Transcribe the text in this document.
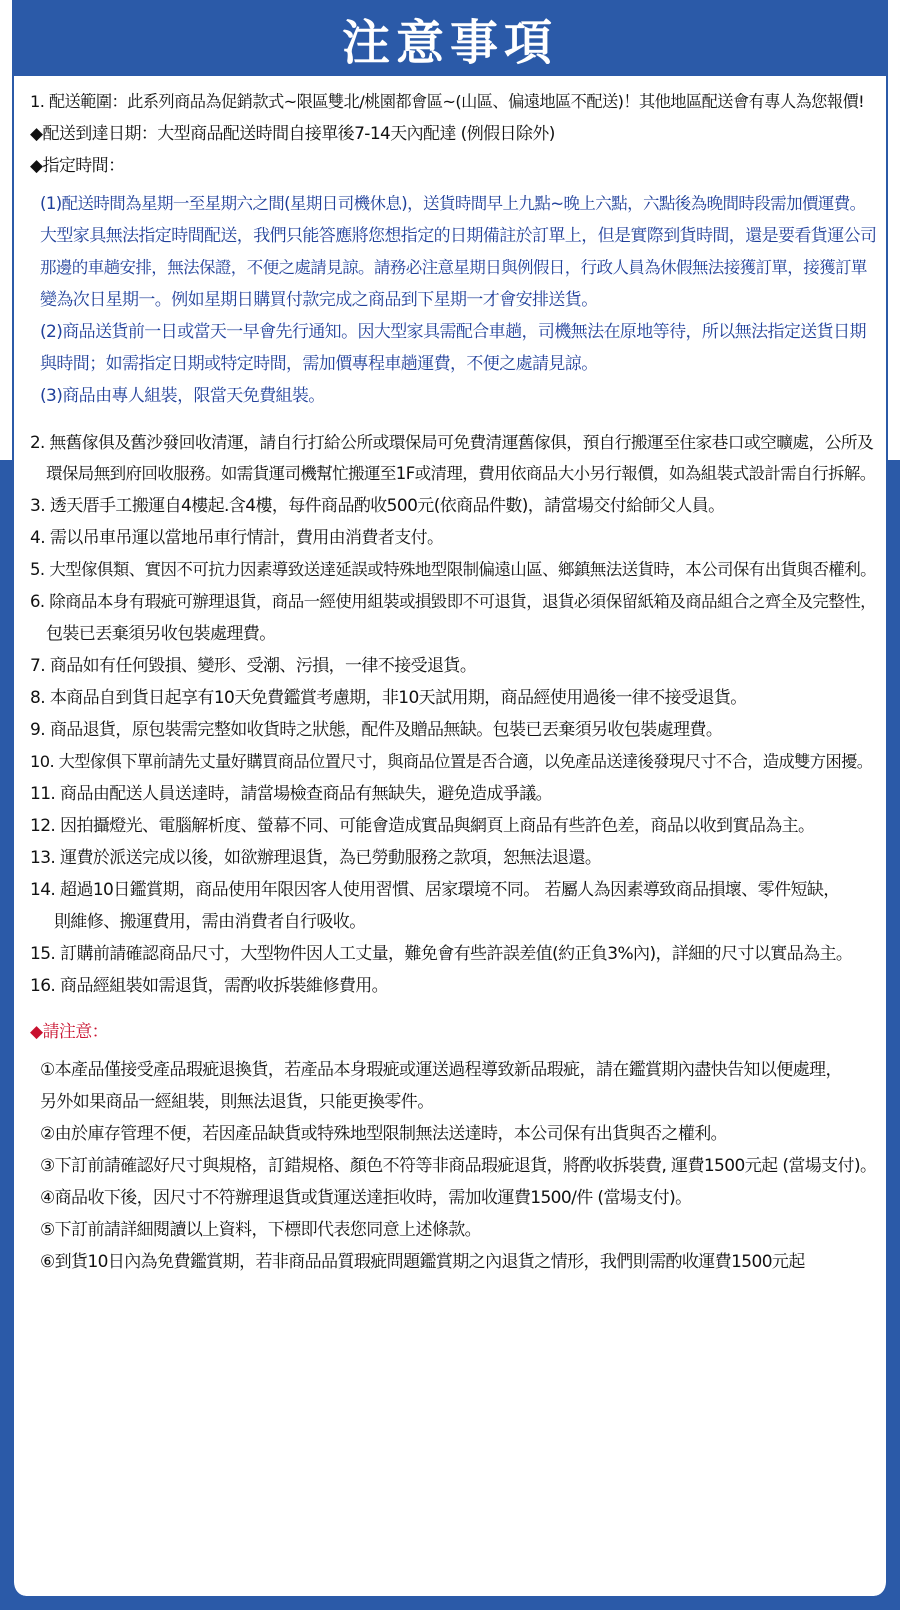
注意事項
1. 配送範圍：此系列商品為促銷款式~限區雙北/桃園都會區~(山區、偏遠地區不配送)！其他地區配送會有專人為您報價!
◆配送到達日期：大型商品配送時間自接單後7-14天內配達 (例假日除外)
◆指定時間：
(1)配送時間為星期一至星期六之間(星期日司機休息)，送貨時間早上九點~晚上六點，六點後為晚間時段需加價運費。
大型家具無法指定時間配送，我們只能答應將您想指定的日期備註於訂單上，但是實際到貨時間，還是要看貨運公司
那邊的車趟安排，無法保證，不便之處請見諒。請務必注意星期日與例假日，行政人員為休假無法接獲訂單，接獲訂單
變為次日星期一。例如星期日購買付款完成之商品到下星期一才會安排送貨。
(2)商品送貨前一日或當天一早會先行通知。因大型家具需配合車趟，司機無法在原地等待，所以無法指定送貨日期
與時間；如需指定日期或特定時間，需加價專程車趟運費，不便之處請見諒。
(3)商品由專人組裝，限當天免費組裝。
2. 無舊傢俱及舊沙發回收清運，請自行打給公所或環保局可免費清運舊傢俱，預自行搬運至住家巷口或空曠處，公所及
環保局無到府回收服務。如需貨運司機幫忙搬運至1F或清理，費用依商品大小另行報價，如為組裝式設計需自行拆解。
3. 透天厝手工搬運自4樓起.含4樓，每件商品酌收500元(依商品件數)，請當場交付給師父人員。
4. 需以吊車吊運以當地吊車行情計，費用由消費者支付。
5. 大型傢俱類、實因不可抗力因素導致送達延誤或特殊地型限制偏遠山區、鄉鎮無法送貨時，本公司保有出貨與否權利。
6. 除商品本身有瑕疵可辦理退貨，商品一經使用組裝或損毀即不可退貨，退貨必須保留紙箱及商品組合之齊全及完整性，
包裝已丟棄須另收包裝處理費。
7. 商品如有任何毀損、變形、受潮、污損，一律不接受退貨。
8. 本商品自到貨日起享有10天免費鑑賞考慮期，非10天試用期，商品經使用過後一律不接受退貨。
9. 商品退貨，原包裝需完整如收貨時之狀態，配件及贈品無缺。包裝已丟棄須另收包裝處理費。
10. 大型傢俱下單前請先丈量好購買商品位置尺寸，與商品位置是否合適，以免產品送達後發現尺寸不合，造成雙方困擾。
11. 商品由配送人員送達時，請當場檢查商品有無缺失，避免造成爭議。
12. 因拍攝燈光、電腦解析度、螢幕不同、可能會造成實品與網頁上商品有些許色差，商品以收到實品為主。
13. 運費於派送完成以後，如欲辦理退貨，為已勞動服務之款項，恕無法退還。
14. 超過10日鑑賞期，商品使用年限因客人使用習慣、居家環境不同。 若屬人為因素導致商品損壞、零件短缺，
則維修、搬運費用，需由消費者自行吸收。
15. 訂購前請確認商品尺寸，大型物件因人工丈量，難免會有些許誤差值(約正負3%內)，詳細的尺寸以實品為主。
16. 商品經組裝如需退貨，需酌收拆裝維修費用。
◆請注意：
①本產品僅接受產品瑕疵退換貨，若產品本身瑕疵或運送過程導致新品瑕疵，請在鑑賞期內盡快告知以便處理，
另外如果商品一經組裝，則無法退貨，只能更換零件。
②由於庫存管理不便，若因產品缺貨或特殊地型限制無法送達時，本公司保有出貨與否之權利。
③下訂前請確認好尺寸與規格，訂錯規格、顏色不符等非商品瑕疵退貨，將酌收拆裝費, 運費1500元起 (當場支付)。
④商品收下後，因尺寸不符辦理退貨或貨運送達拒收時，需加收運費1500/件 (當場支付)。
⑤下訂前請詳細閱讀以上資料，下標即代表您同意上述條款。
⑥到貨10日內為免費鑑賞期，若非商品品質瑕疵問題鑑賞期之內退貨之情形，我們則需酌收運費1500元起
